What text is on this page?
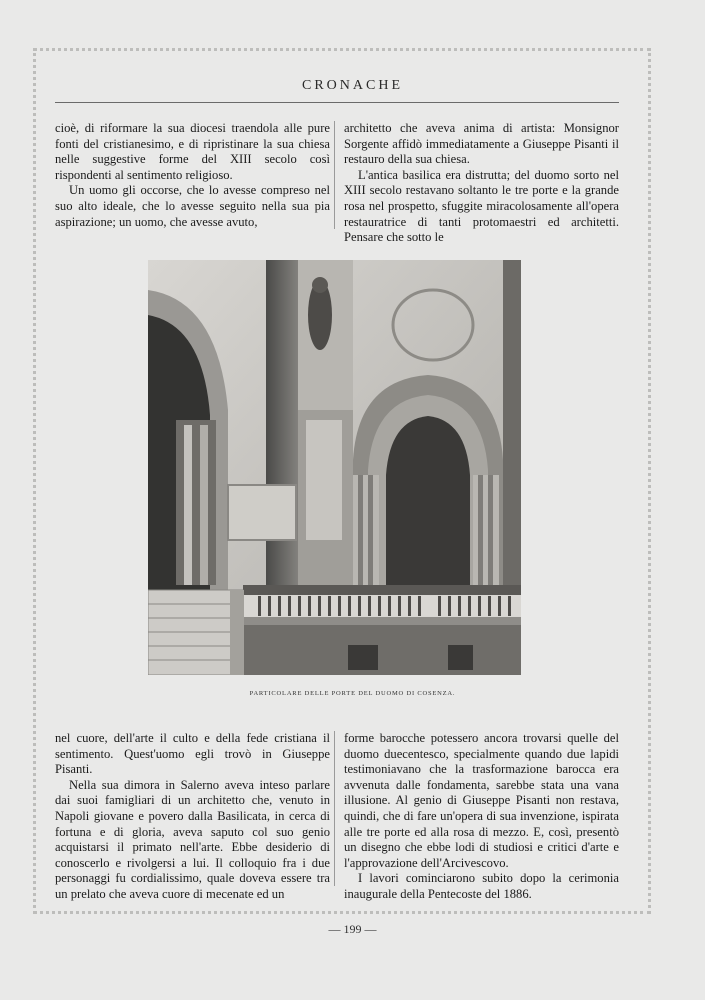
CRONACHE

cioè, di riformare la sua diocesi traendola alle pure fonti del cristianesimo, e di ripristinare la sua chiesa nelle suggestive forme del XIII secolo così rispondenti al sentimento religioso.

Un uomo gli occorse, che lo avesse compreso nel suo alto ideale, che lo avesse seguito nella sua pia aspirazione; un uomo, che avesse avuto,

architetto che aveva anima di artista: Monsignor Sorgente affidò immediatamente a Giuseppe Pisanti il restauro della sua chiesa.

L'antica basilica era distrutta; del duomo sorto nel XIII secolo restavano soltanto le tre porte e la grande rosa nel prospetto, sfuggite miracolosamente all'opera restauratrice di tanti protomaestri ed architetti. Pensare che sotto le

PARTICOLARE DELLE PORTE DEL DUOMO DI COSENZA.

nel cuore, dell'arte il culto e della fede cristiana il sentimento. Quest'uomo egli trovò in Giuseppe Pisanti.

Nella sua dimora in Salerno aveva inteso parlare dai suoi famigliari di un architetto che, venuto in Napoli giovane e povero dalla Basilicata, in cerca di fortuna e di gloria, aveva saputo col suo genio acquistarsi il primato nell'arte. Ebbe desiderio di conoscerlo e rivolgersi a lui. Il colloquio fra i due personaggi fu cordialissimo, quale doveva essere tra un prelato che aveva cuore di mecenate ed un

forme barocche potessero ancora trovarsi quelle del duomo duecentesco, specialmente quando due lapidi testimoniavano che la trasformazione barocca era avvenuta dalle fondamenta, sarebbe stata una vana illusione. Al genio di Giuseppe Pisanti non restava, quindi, che di fare un'opera di sua invenzione, ispirata alle tre porte ed alla rosa di mezzo. E, così, presentò un disegno che ebbe lodi di studiosi e critici d'arte e l'approvazione dell'Arcivescovo.

I lavori cominciarono subito dopo la cerimonia inaugurale della Pentecoste del 1886.

— 199 —
